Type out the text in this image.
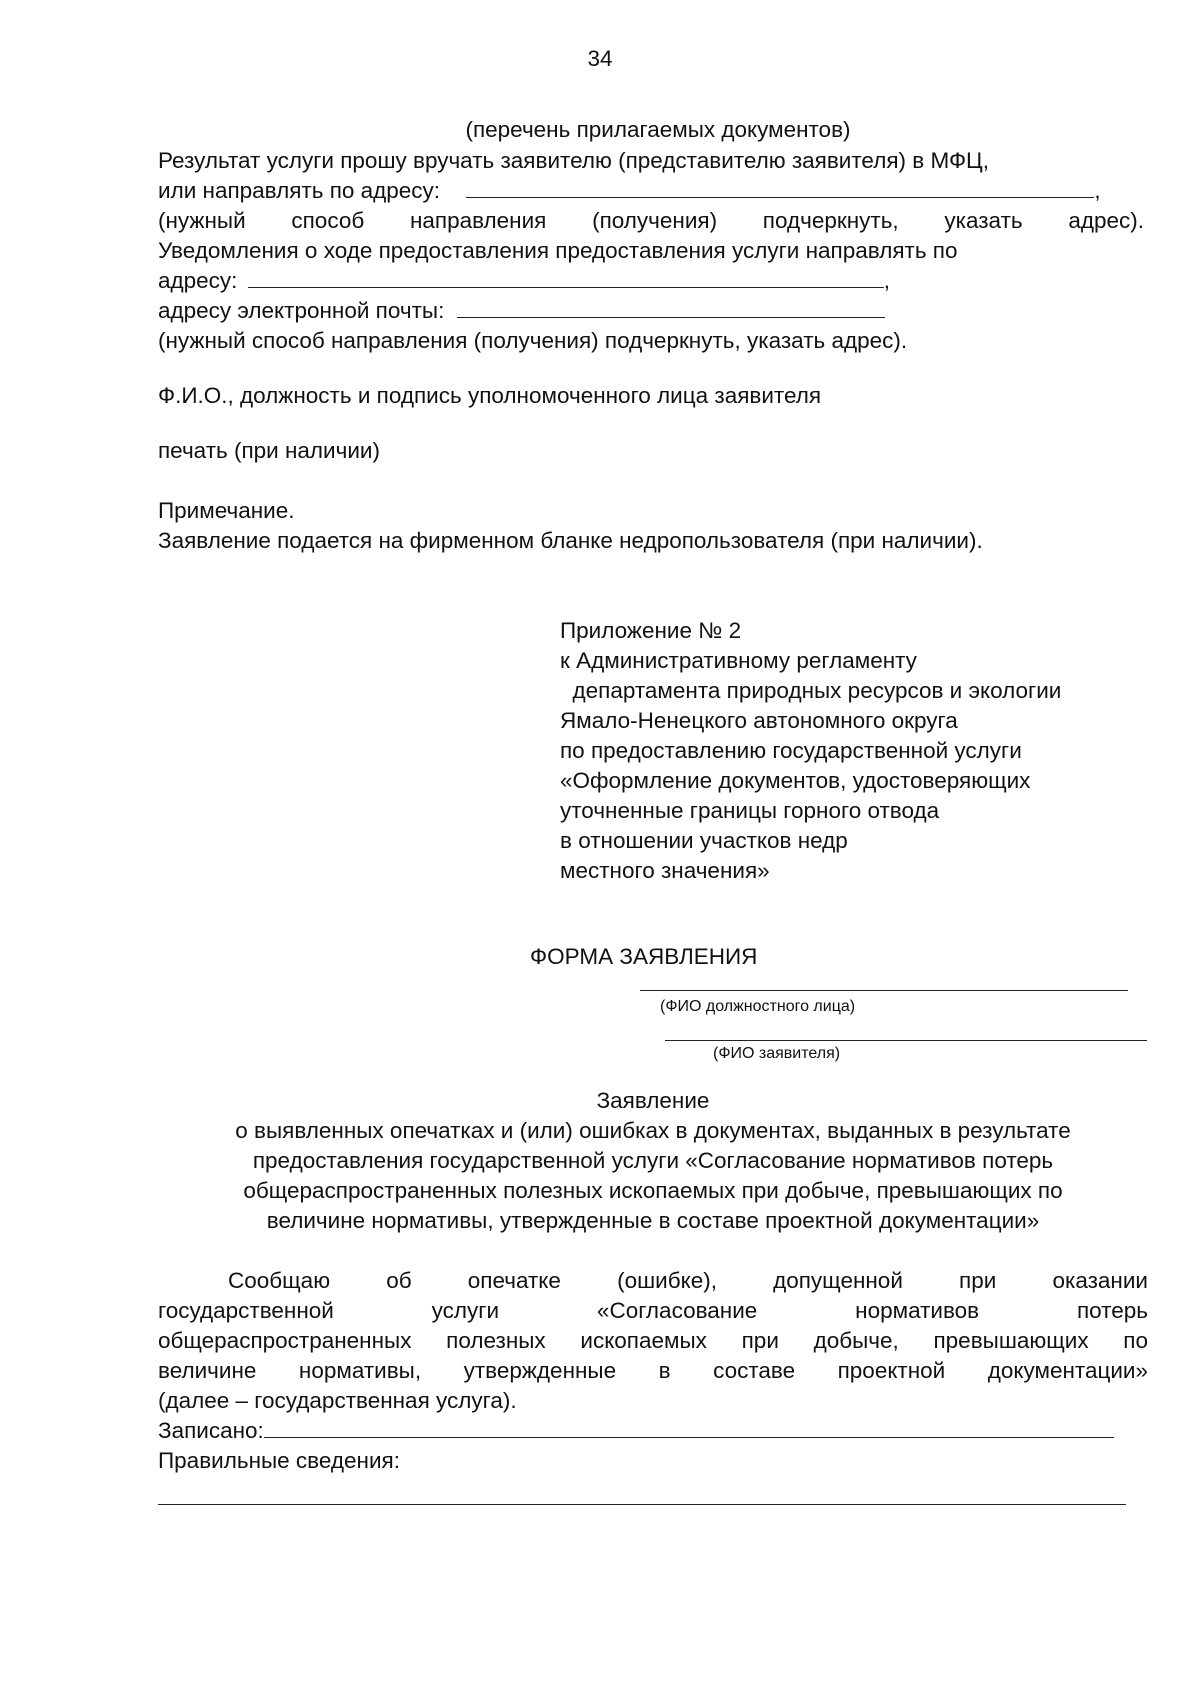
34
(перечень прилагаемых документов)
Результат услуги прошу вручать заявителю (представителю заявителя) в МФЦ,
или направлять по адресу:	,
(нужный способ направления (получения) подчеркнуть, указать адрес).
Уведомления о ходе предоставления предоставления услуги направлять по
адресу:	,
адресу электронной почты:
(нужный способ направления (получения) подчеркнуть, указать адрес).
Ф.И.О., должность и подпись уполномоченного лица заявителя
печать (при наличии)
Примечание.
Заявление подается на фирменном бланке недропользователя (при наличии).
Приложение № 2
к Административному регламенту
департамента природных ресурсов и экологии
Ямало-Ненецкого автономного округа
по предоставлению государственной услуги
«Оформление документов, удостоверяющих
уточненные границы горного отвода
в отношении участков недр
местного значения»
ФОРМА ЗАЯВЛЕНИЯ
(ФИО должностного лица)
(ФИО заявителя)
Заявление
о выявленных опечатках и (или) ошибках в документах, выданных в результате
предоставления государственной услуги «Согласование нормативов потерь
общераспространенных полезных ископаемых при добыче, превышающих по
величине нормативы, утвержденные в составе проектной документации»
Сообщаю об опечатке (ошибке), допущенной при оказании
государственной услуги «Согласование нормативов потерь
общераспространенных полезных ископаемых при добыче, превышающих по
величине нормативы, утвержденные в составе проектной документации»
(далее – государственная услуга).
Записано:
Правильные сведения:
